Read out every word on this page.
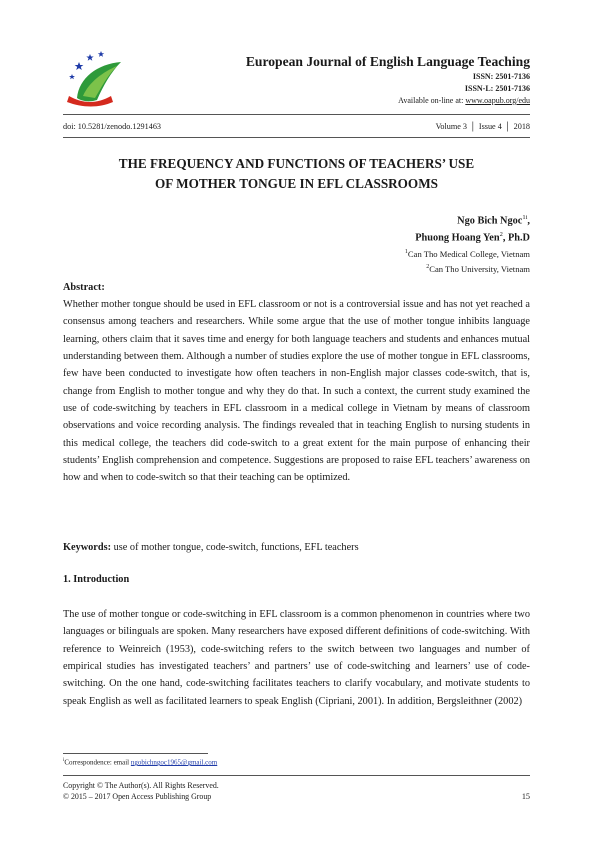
European Journal of English Language Teaching
ISSN: 2501-7136
ISSN-L: 2501-7136
Available on-line at: www.oapub.org/edu
doi: 10.5281/zenodo.1291463	Volume 3 │ Issue 4 │ 2018
THE FREQUENCY AND FUNCTIONS OF TEACHERS’ USE
OF MOTHER TONGUE IN EFL CLASSROOMS
Ngo Bich Ngoc$^{1i}$,
Phuong Hoang Yen$^2$, Ph.D
$^1$Can Tho Medical College, Vietnam
$^2$Can Tho University, Vietnam
Abstract:

Whether mother tongue should be used in EFL classroom or not is a controversial issue and has not yet reached a consensus among teachers and researchers. While some argue that the use of mother tongue inhibits language learning, others claim that it saves time and energy for both language teachers and students and enhances mutual understanding between them. Although a number of studies explore the use of mother tongue in EFL classrooms, few have been conducted to investigate how often teachers in non-English major classes code-switch, that is, change from English to mother tongue and why they do that. In such a context, the current study examined the use of code-switching by teachers in EFL classroom in a medical college in Vietnam by means of classroom observations and voice recording analysis. The findings revealed that in teaching English to nursing students in this medical college, the teachers did code-switch to a great extent for the main purpose of enhancing their students’ English comprehension and competence. Suggestions are proposed to raise EFL teachers’ awareness on how and when to code-switch so that their teaching can be optimized.

Keywords: use of mother tongue, code-switch, functions, EFL teachers
1. Introduction

The use of mother tongue or code-switching in EFL classroom is a common phenomenon in countries where two languages or bilinguals are spoken. Many researchers have exposed different definitions of code-switching. With reference to Weinreich (1953), code-switching refers to the switch between two languages and number of empirical studies has investigated teachers’ and partners’ use of code-switching and learners’ use of code-switching. On the one hand, code-switching facilitates teachers to clarify vocabulary, and motivate students to speak English as well as facilitated learners to speak English (Cipriani, 2001). In addition, Bergsleithner (2002)

$^i$Correspondence: email ngobichngoc1965@gmail.com
Copyright © The Author(s). All Rights Reserved.
© 2015 – 2017 Open Access Publishing Group	15
